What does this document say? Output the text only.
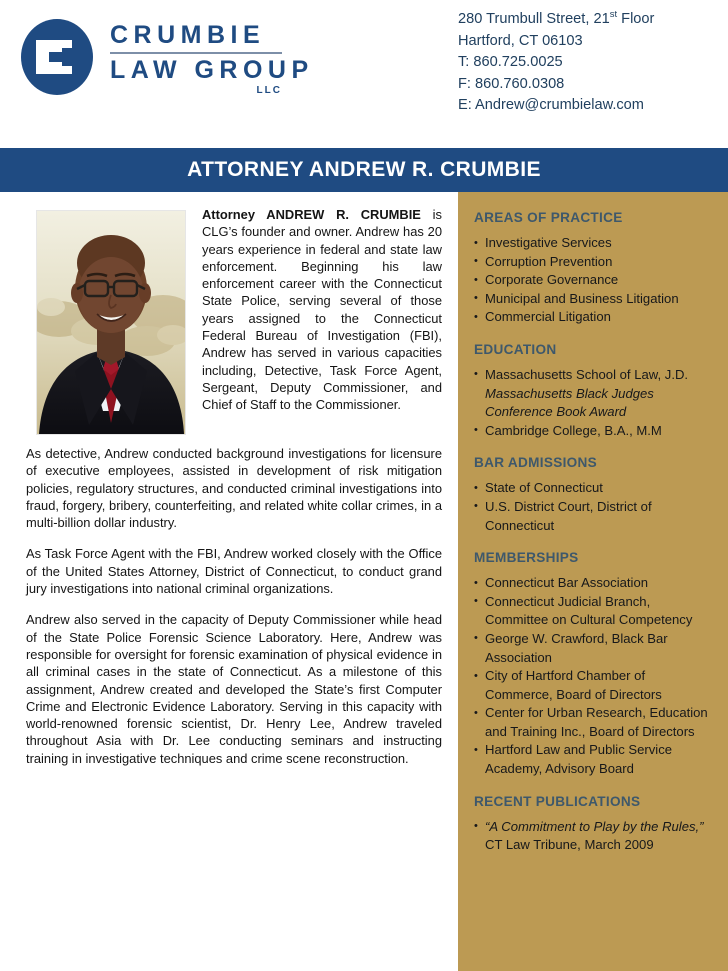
CRUMBIE
LAW GROUP
LLC
280 Trumbull Street, 21st Floor
Hartford, CT 06103
T: 860.725.0025
F: 860.760.0308
E: Andrew@crumbielaw.com
ATTORNEY ANDREW R. CRUMBIE

Attorney ANDREW R. CRUMBIE is CLG’s founder and owner. Andrew has 20 years experience in federal and state law enforcement. Beginning his law enforcement career with the Connecticut State Police, serving several of those years assigned to the Connecticut Federal Bureau of Investigation (FBI), Andrew has served in various capacities including, Detective, Task Force Agent, Sergeant, Deputy Commissioner, and Chief of Staff to the Commissioner.

As detective, Andrew conducted background investigations for licensure of executive employees, assisted in development of risk mitigation policies, regulatory structures, and conducted criminal investigations into fraud, forgery, bribery, counterfeiting, and related white collar crimes, in a multi-billion dollar industry.

As Task Force Agent with the FBI, Andrew worked closely with the Office of the United States Attorney, District of Connecticut, to conduct grand jury investigations into national criminal organizations.

Andrew also served in the capacity of Deputy Commissioner while head of the State Police Forensic Science Laboratory. Here, Andrew was responsible for oversight for forensic examination of physical evidence in all criminal cases in the state of Connecticut. As a milestone of this assignment, Andrew created and developed the State’s first Computer Crime and Electronic Evidence Laboratory. Serving in this capacity with world-renowned forensic scientist, Dr. Henry Lee, Andrew traveled throughout Asia with Dr. Lee conducting seminars and instructing training in investigative techniques and crime scene reconstruction.

AREAS OF PRACTICE
• Investigative Services
• Corruption Prevention
• Corporate Governance
• Municipal and Business Litigation
• Commercial Litigation
EDUCATION
• Massachusetts School of Law, J.D. Massachusetts Black Judges Conference Book Award
• Cambridge College, B.A., M.M
BAR ADMISSIONS
• State of Connecticut
• U.S. District Court, District of Connecticut
MEMBERSHIPS
• Connecticut Bar Association
• Connecticut Judicial Branch, Committee on Cultural Competency
• George W. Crawford, Black Bar Association
• City of Hartford Chamber of Commerce, Board of Directors
• Center for Urban Research, Education and Training Inc., Board of Directors
• Hartford Law and Public Service Academy, Advisory Board
RECENT PUBLICATIONS
• “A Commitment to Play by the Rules,” CT Law Tribune, March 2009
